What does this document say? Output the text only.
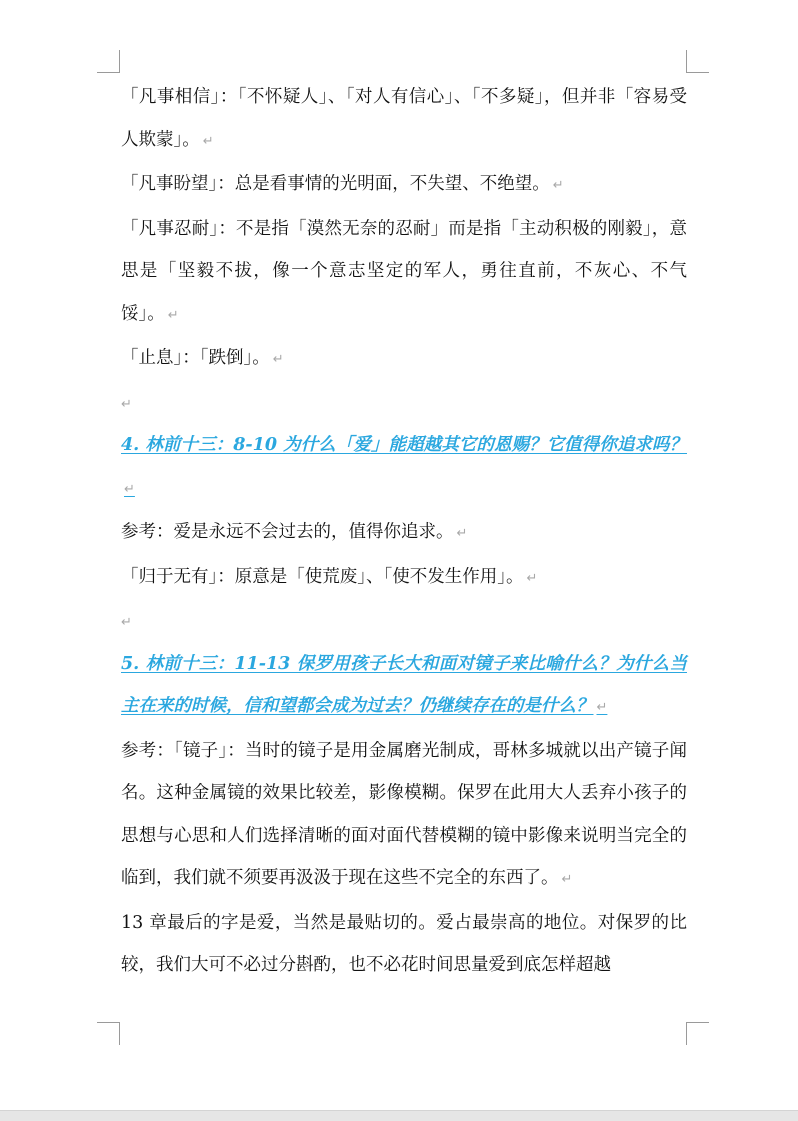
「凡事相信」：「不怀疑人」、「对人有信心」、「不多疑」，但并非「容易受人欺蒙」。 ↵

「凡事盼望」：总是看事情的光明面，不失望、不绝望。 ↵

「凡事忍耐」：不是指「漠然无奈的忍耐」而是指「主动积极的刚毅」，意思是「坚毅不拔，像一个意志坚定的军人，勇往直前，不灰心、不气馁」。 ↵

「止息」：「跌倒」。 ↵

↵

4. 林前十三：8-10 为什么「爱」能超越其它的恩赐？它值得你追求吗？↵

参考：爱是永远不会过去的，值得你追求。 ↵

「归于无有」：原意是「使荒废」、「使不发生作用」。 ↵

↵

5. 林前十三：11-13 保罗用孩子长大和面对镜子来比喻什么？为什么当主在来的时候，信和望都会成为过去？仍继续存在的是什么？ ↵

参考：「镜子」：当时的镜子是用金属磨光制成，哥林多城就以出产镜子闻名。这种金属镜的效果比较差，影像模糊。保罗在此用大人丢弃小孩子的思想与心思和人们选择清晰的面对面代替模糊的镜中影像来说明当完全的临到，我们就不须要再汲汲于现在这些不完全的东西了。 ↵

13 章最后的字是爱，当然是最贴切的。爱占最崇高的地位。对保罗的比较，我们大可不必过分斟酌，也不必花时间思量爱到底怎样超越
